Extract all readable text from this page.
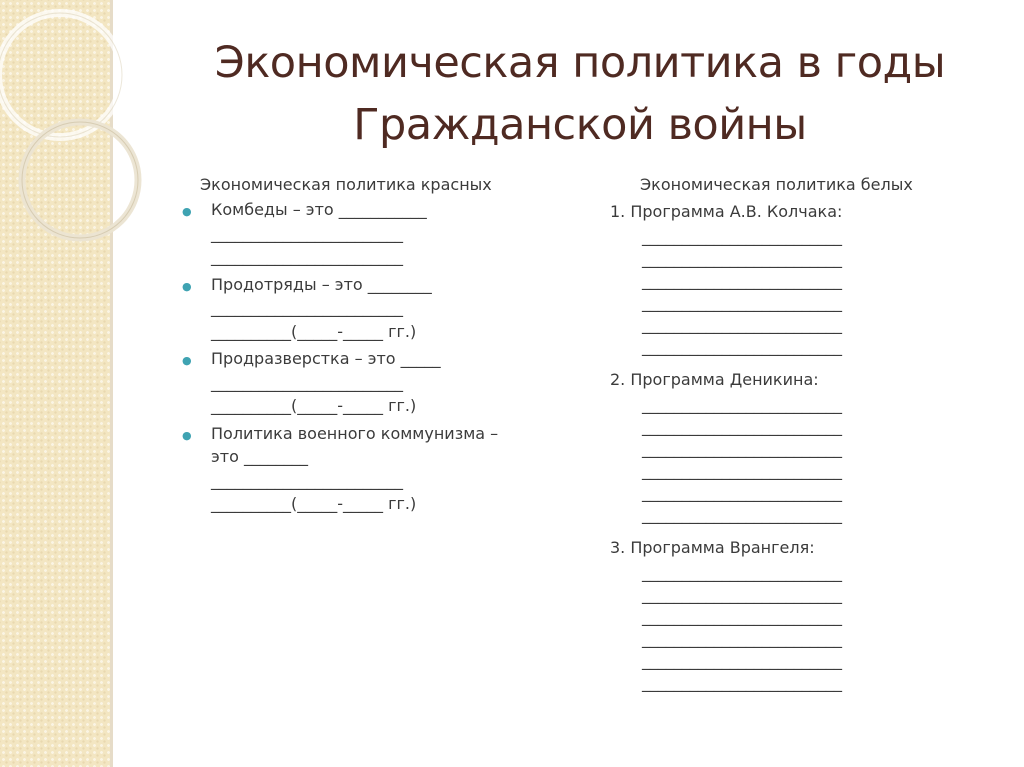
Экономическая политика в годы
Гражданской войны
Экономическая политика красных
● Комбеды – это ___________
________________________
________________________
● Продотряды – это ________
________________________
__________(_____-_____ гг.)
● Продразверстка – это _____
________________________
__________(_____-_____ гг.)
● Политика военного коммунизма –
это ________
________________________
__________(_____-_____ гг.)
Экономическая политика белых
1. Программа А.В. Колчака:
_________________________
_________________________
_________________________
_________________________
_________________________
_________________________
2. Программа Деникина:
_________________________
_________________________
_________________________
_________________________
_________________________
_________________________
3. Программа Врангеля:
_________________________
_________________________
_________________________
_________________________
_________________________
_________________________
